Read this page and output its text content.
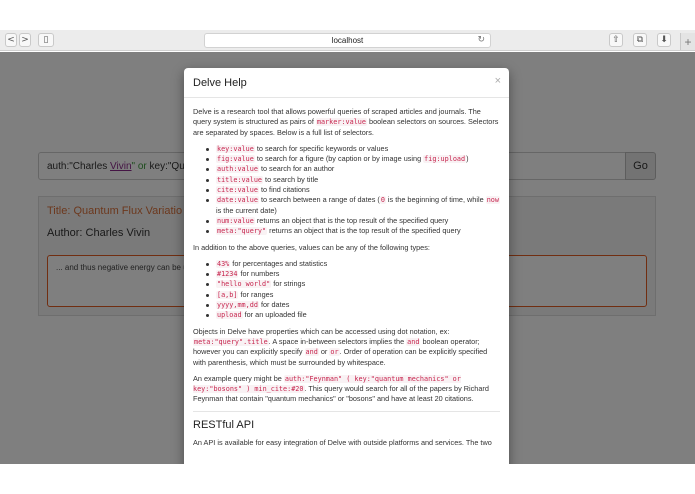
< > ▯	localhost	↻	⇧ ⧉ ⬇ +
Delve Help	×

Delve is a research tool that allows powerful queries of scraped articles and journals. The query system is structured as pairs of marker:value boolean selectors on sources. Selectors are separated by spaces. Below is a full list of selectors.

key:value to search for specific keywords or values
fig:value to search for a figure (by caption or by image using fig:upload)
auth:value to search for an author
title:value to search by title
cite:value to find citations
date:value to search between a range of dates (0 is the beginning of time, while now is the current date)
num:value returns an object that is the top result of the specified query
meta:"query" returns an object that is the top result of the specified query

In addition to the above queries, values can be any of the following types:

43% for percentages and statistics
#1234 for numbers
"hello world" for strings
[a,b] for ranges
yyyy,mm,dd for dates
upload for an uploaded file

Objects in Delve have properties which can be accessed using dot notation, ex: meta:"query".title. A space in-between selectors implies the and boolean operator; however you can explicitly specify and or or. Order of operation can be explicitly specified with parenthesis, which must be surrounded by whitespace.

An example query might be auth:"Feynman" ( key:"quantum mechanics" or key:"bosons" ) min_cite:#20. This query would search for all of the papers by Richard Feynman that contain "quantum mechanics" or "bosons" and have at least 20 citations.

RESTful API

An API is available for easy integration of Delve with outside platforms and services. The two
